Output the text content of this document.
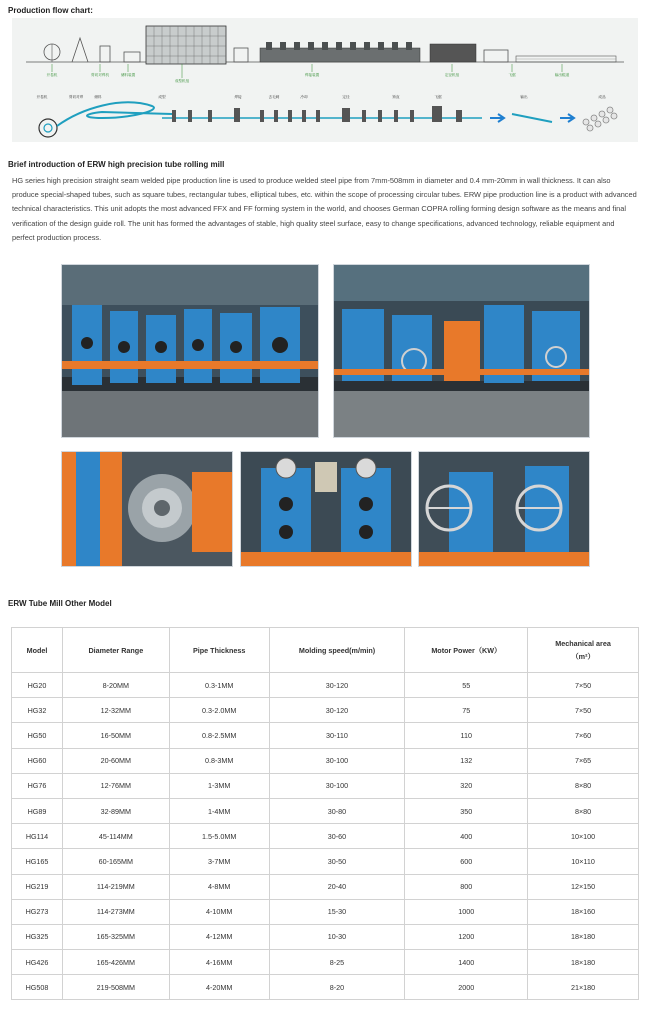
Production flow chart:
开卷机	剪切对焊机	储料装置
成型机组
焊接装置	定径机组	飞锯	输出辊道
开卷机	剪切对焊	储料	成型	焊接	去毛刺	冷却	定径	矫直	飞锯	输出	成品
Brief introduction of ERW high precision tube rolling mill
HG series high precision straight seam welded pipe production line is used to produce welded steel pipe from 7mm-508mm in diameter and 0.4 mm-20mm in wall thickness. It can also produce special-shaped tubes, such as square tubes, rectangular tubes, elliptical tubes, etc. within the scope of processing circular tubes. ERW pipe production line is a product with advanced technical characteristics. This unit adopts the most advanced FFX and FF forming system in the world, and chooses German COPRA rolling forming design software as the means and final verification of the design guide roll. The unit has formed the advantages of stable, high quality steel surface, easy to change specifications, advanced technology, reliable equipment and perfect production process.
ERW Tube Mill Other Model
Model	Diameter Range	Pipe Thickness	Molding speed(m/min)	Motor Power（KW）	Mechanical area
（m²）
HG20	8-20MM	0.3-1MM	30-120	55	7×50
HG32	12-32MM	0.3-2.0MM	30-120	75	7×50
HG50	16-50MM	0.8-2.5MM	30-110	110	7×60
HG60	20-60MM	0.8-3MM	30-100	132	7×65
HG76	12-76MM	1-3MM	30-100	320	8×80
HG89	32-89MM	1-4MM	30-80	350	8×80
HG114	45-114MM	1.5-5.0MM	30-60	400	10×100
HG165	60-165MM	3-7MM	30-50	600	10×110
HG219	114-219MM	4-8MM	20-40	800	12×150
HG273	114-273MM	4-10MM	15-30	1000	18×160
HG325	165-325MM	4-12MM	10-30	1200	18×180
HG426	165-426MM	4-16MM	8-25	1400	18×180
HG508	219-508MM	4-20MM	8-20	2000	21×180
